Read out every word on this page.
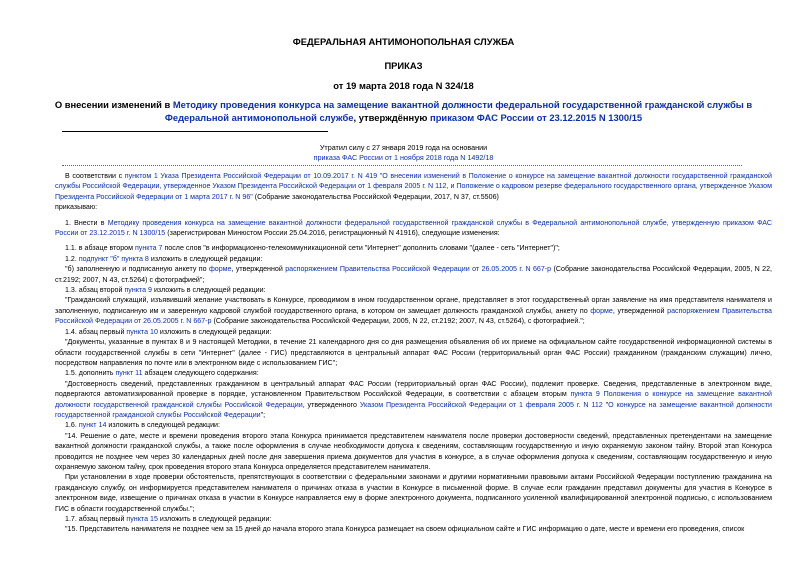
ФЕДЕРАЛЬНАЯ АНТИМОНОПОЛЬНАЯ СЛУЖБА
ПРИКАЗ
от 19 марта 2018 года N 324/18
О внесении изменений в Методику проведения конкурса на замещение вакантной должности федеральной государственной гражданской службы в Федеральной антимонопольной службе, утверждённую приказом ФАС России от 23.12.2015 N 1300/15
Утратил силу с 27 января 2019 года на основании
приказа ФАС России от 1 ноября 2018 года N 1492/18

В соответствии с пунктом 1 Указа Президента Российской Федерации от 10.09.2017 г. N 419 "О внесении изменений в Положение о конкурсе на замещение вакантной должности государственной гражданской службы Российской Федерации, утвержденное Указом Президента Российской Федерации от 1 февраля 2005 г. N 112, и Положение о кадровом резерве федерального государственного органа, утвержденное Указом Президента Российской Федерации от 1 марта 2017 г. N 96" (Собрание законодательства Российской Федерации, 2017, N 37, ст.5506)

приказываю:

1. Внести в Методику проведения конкурса на замещение вакантной должности федеральной государственной гражданской службы в Федеральной антимонопольной службе, утвержденную приказом ФАС России от 23.12.2015 г. N 1300/15 (зарегистрирован Минюстом России 25.04.2016, регистрационный N 41916), следующие изменения:

1.1. в абзаце втором пункта 7 после слов "в информационно-телекоммуникационной сети "Интернет" дополнить словами "(далее - сеть "Интернет")";

1.2. подпункт "б" пункта 8 изложить в следующей редакции:

"б) заполненную и подписанную анкету по форме, утвержденной распоряжением Правительства Российской Федерации от 26.05.2005 г. N 667-р (Собрание законодательства Российской Федерации, 2005, N 22, ст.2192; 2007, N 43, ст.5264) с фотографией";

1.3. абзац второй пункта 9 изложить в следующей редакции:

"Гражданский служащий, изъявивший желание участвовать в Конкурсе, проводимом в ином государственном органе, представляет в этот государственный орган заявление на имя представителя нанимателя и заполненную, подписанную им и заверенную кадровой службой государственного органа, в котором он замещает должность гражданской службы, анкету по форме, утвержденной распоряжением Правительства Российской Федерации от 26.05.2005 г. N 667-р (Собрание законодательства Российской Федерации, 2005, N 22, ст.2192; 2007, N 43, ст.5264), с фотографией.";

1.4. абзац первый пункта 10 изложить в следующей редакции:

"Документы, указанные в пунктах 8 и 9 настоящей Методики, в течение 21 календарного дня со дня размещения объявления об их приеме на официальном сайте государственной информационной системы в области государственной службы в сети "Интернет" (далее - ГИС) представляются в центральный аппарат ФАС России (территориальный орган ФАС России) гражданином (гражданским служащим) лично, посредством направления по почте или в электронном виде с использованием ГИС";

1.5. дополнить пункт 11 абзацем следующего содержания:

"Достоверность сведений, представленных гражданином в центральный аппарат ФАС России (территориальный орган ФАС России), подлежит проверке. Сведения, представленные в электронном виде, подвергаются автоматизированной проверке в порядке, установленном Правительством Российской Федерации, в соответствии с абзацем вторым пункта 9 Положения о конкурсе на замещение вакантной должности государственной гражданской службы Российской Федерации, утвержденного Указом Президента Российской Федерации от 1 февраля 2005 г. N 112 "О конкурсе на замещение вакантной должности государственной гражданской службы Российской Федерации";

1.6. пункт 14 изложить в следующей редакции:

"14. Решение о дате, месте и времени проведения второго этапа Конкурса принимается представителем нанимателя после проверки достоверности сведений, представленных претендентами на замещение вакантной должности гражданской службы, а также после оформления в случае необходимости допуска к сведениям, составляющим государственную и иную охраняемую законом тайну. Второй этап Конкурса проводится не позднее чем через 30 календарных дней после дня завершения приема документов для участия в конкурсе, а в случае оформления допуска к сведениям, составляющим государственную и иную охраняемую законом тайну, срок проведения второго этапа Конкурса определяется представителем нанимателя.

При установлении в ходе проверки обстоятельств, препятствующих в соответствии с федеральными законами и другими нормативными правовыми актами Российской Федерации поступлению гражданина на гражданскую службу, он информируется представителем нанимателя о причинах отказа в участии в Конкурсе в письменной форме. В случае если гражданин представил документы для участия в Конкурсе в электронном виде, извещение о причинах отказа в участии в Конкурсе направляется ему в форме электронного документа, подписанного усиленной квалифицированной электронной подписью, с использованием ГИС в области государственной службы.";

1.7. абзац первый пункта 15 изложить в следующей редакции:

"15. Представитель нанимателя не позднее чем за 15 дней до начала второго этапа Конкурса размещает на своем официальном сайте и ГИС информацию о дате, месте и времени его проведения, список
